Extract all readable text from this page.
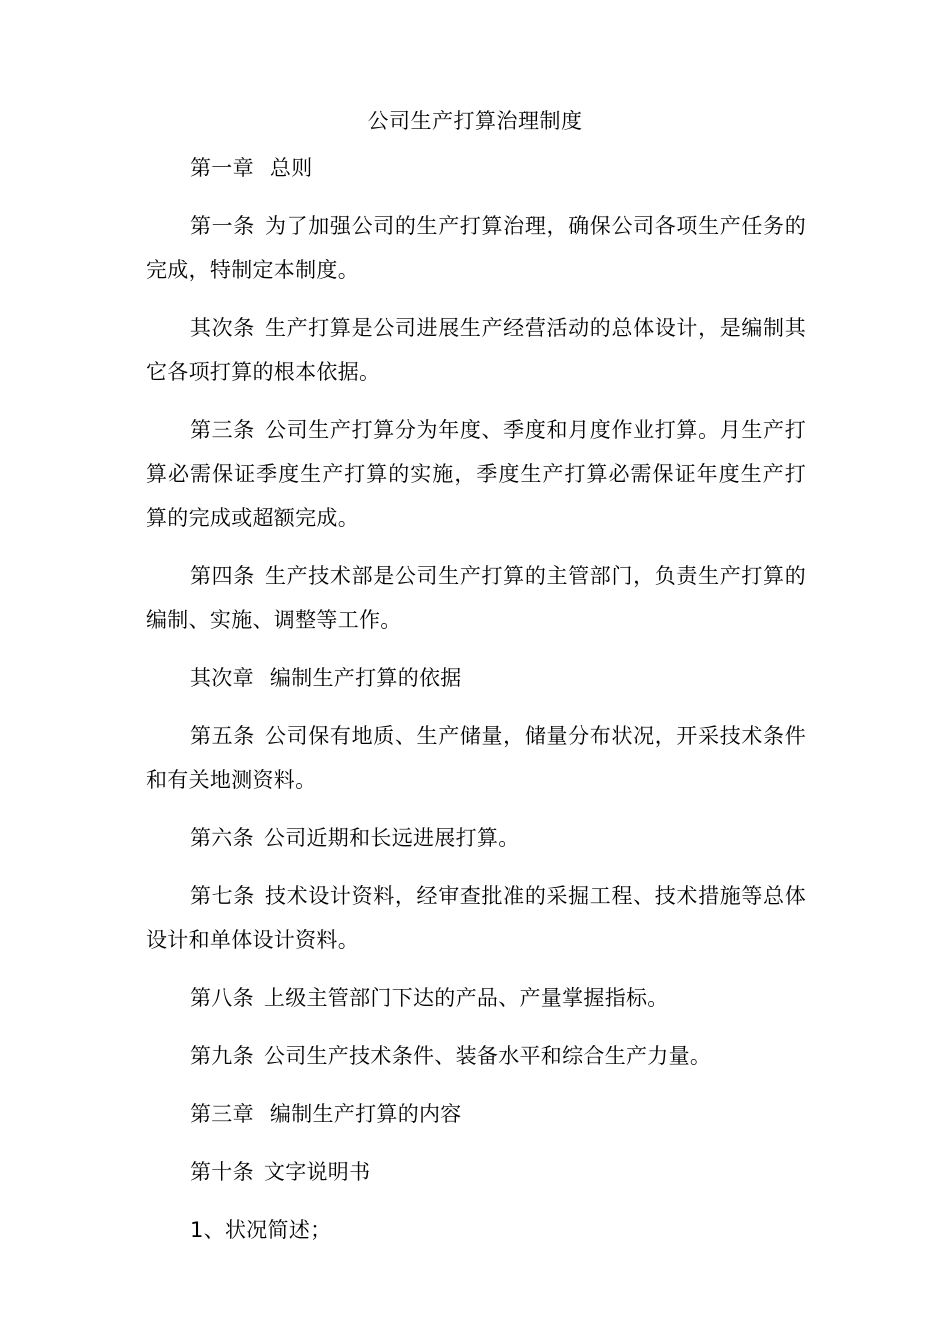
公司生产打算治理制度

第一章 总则

第一条 为了加强公司的生产打算治理，确保公司各项生产任务的完成，特制定本制度。

其次条 生产打算是公司进展生产经营活动的总体设计，是编制其它各项打算的根本依据。

第三条 公司生产打算分为年度、季度和月度作业打算。月生产打算必需保证季度生产打算的实施，季度生产打算必需保证年度生产打算的完成或超额完成。

第四条 生产技术部是公司生产打算的主管部门，负责生产打算的编制、实施、调整等工作。

其次章 编制生产打算的依据

第五条 公司保有地质、生产储量，储量分布状况，开采技术条件和有关地测资料。

第六条 公司近期和长远进展打算。

第七条 技术设计资料，经审查批准的采掘工程、技术措施等总体设计和单体设计资料。

第八条 上级主管部门下达的产品、产量掌握指标。

第九条 公司生产技术条件、装备水平和综合生产力量。

第三章 编制生产打算的内容

第十条 文字说明书

1、状况简述；
